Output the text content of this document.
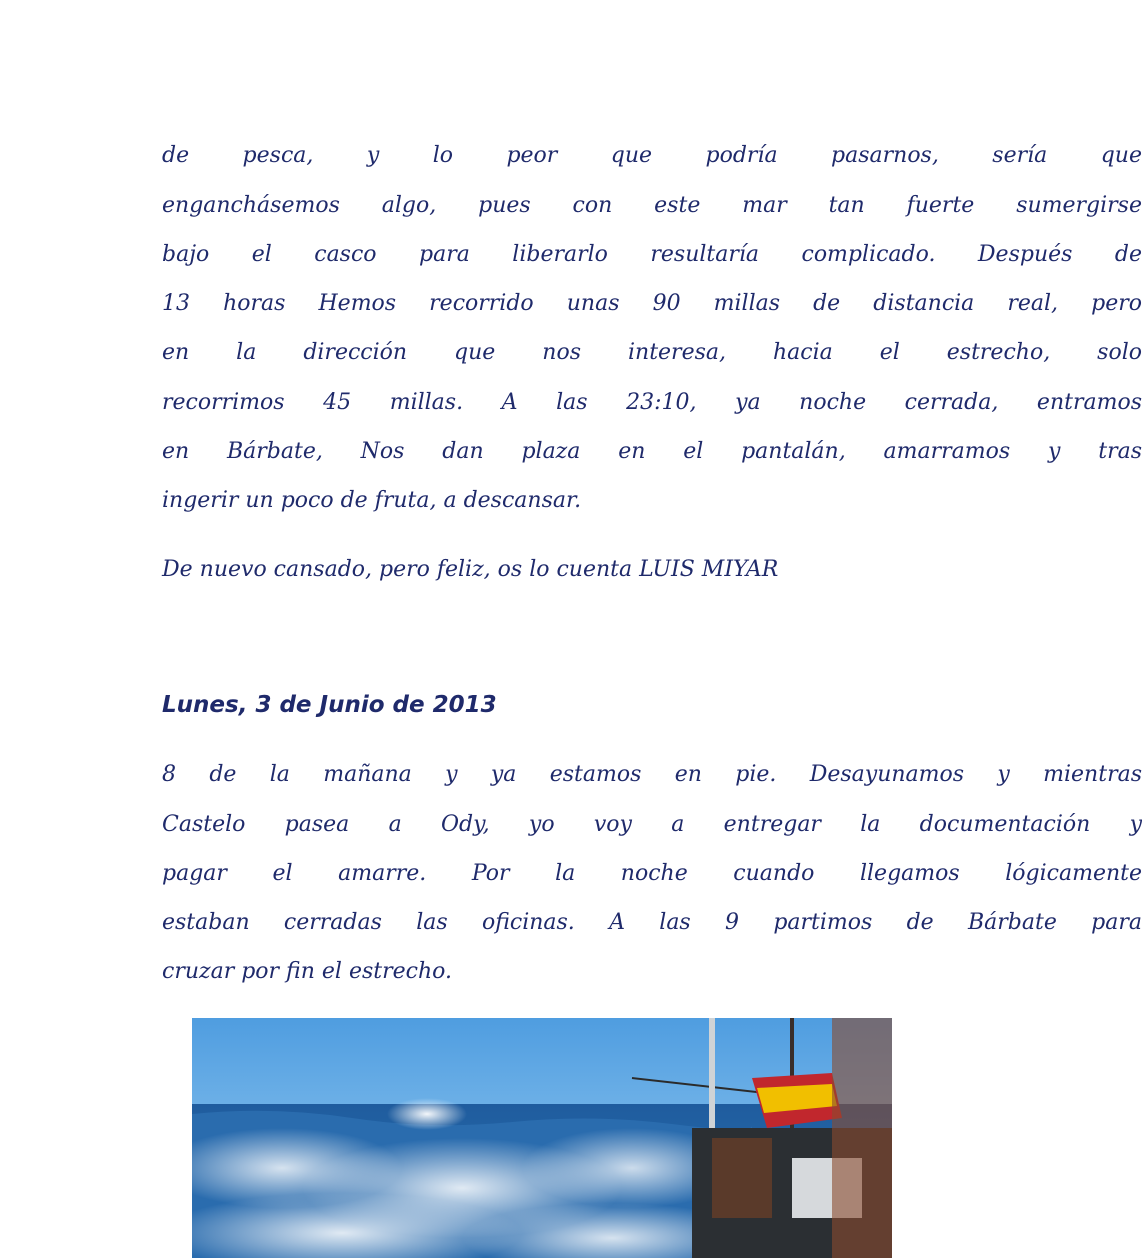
de pesca, y lo peor que podría pasarnos, sería que
enganchásemos algo, pues con este mar tan fuerte sumergirse
bajo el casco para liberarlo resultaría complicado. Después de
13 horas Hemos recorrido unas 90 millas de distancia real, pero
en la dirección que nos interesa, hacia el estrecho, solo
recorrimos 45 millas. A las 23:10, ya noche cerrada, entramos
en Bárbate, Nos dan plaza en el pantalán, amarramos y tras
ingerir un poco de fruta, a descansar.
De nuevo cansado, pero feliz, os lo cuenta LUIS MIYAR
8 de la mañana y ya estamos en pie. Desayunamos y mientras
Castelo pasea a Ody, yo voy a entregar la documentación y
pagar el amarre. Por la noche cuando llegamos lógicamente
estaban cerradas las oficinas. A las 9 partimos de Bárbate para
cruzar por fin el estrecho.
Lunes, 3 de Junio de 2013
